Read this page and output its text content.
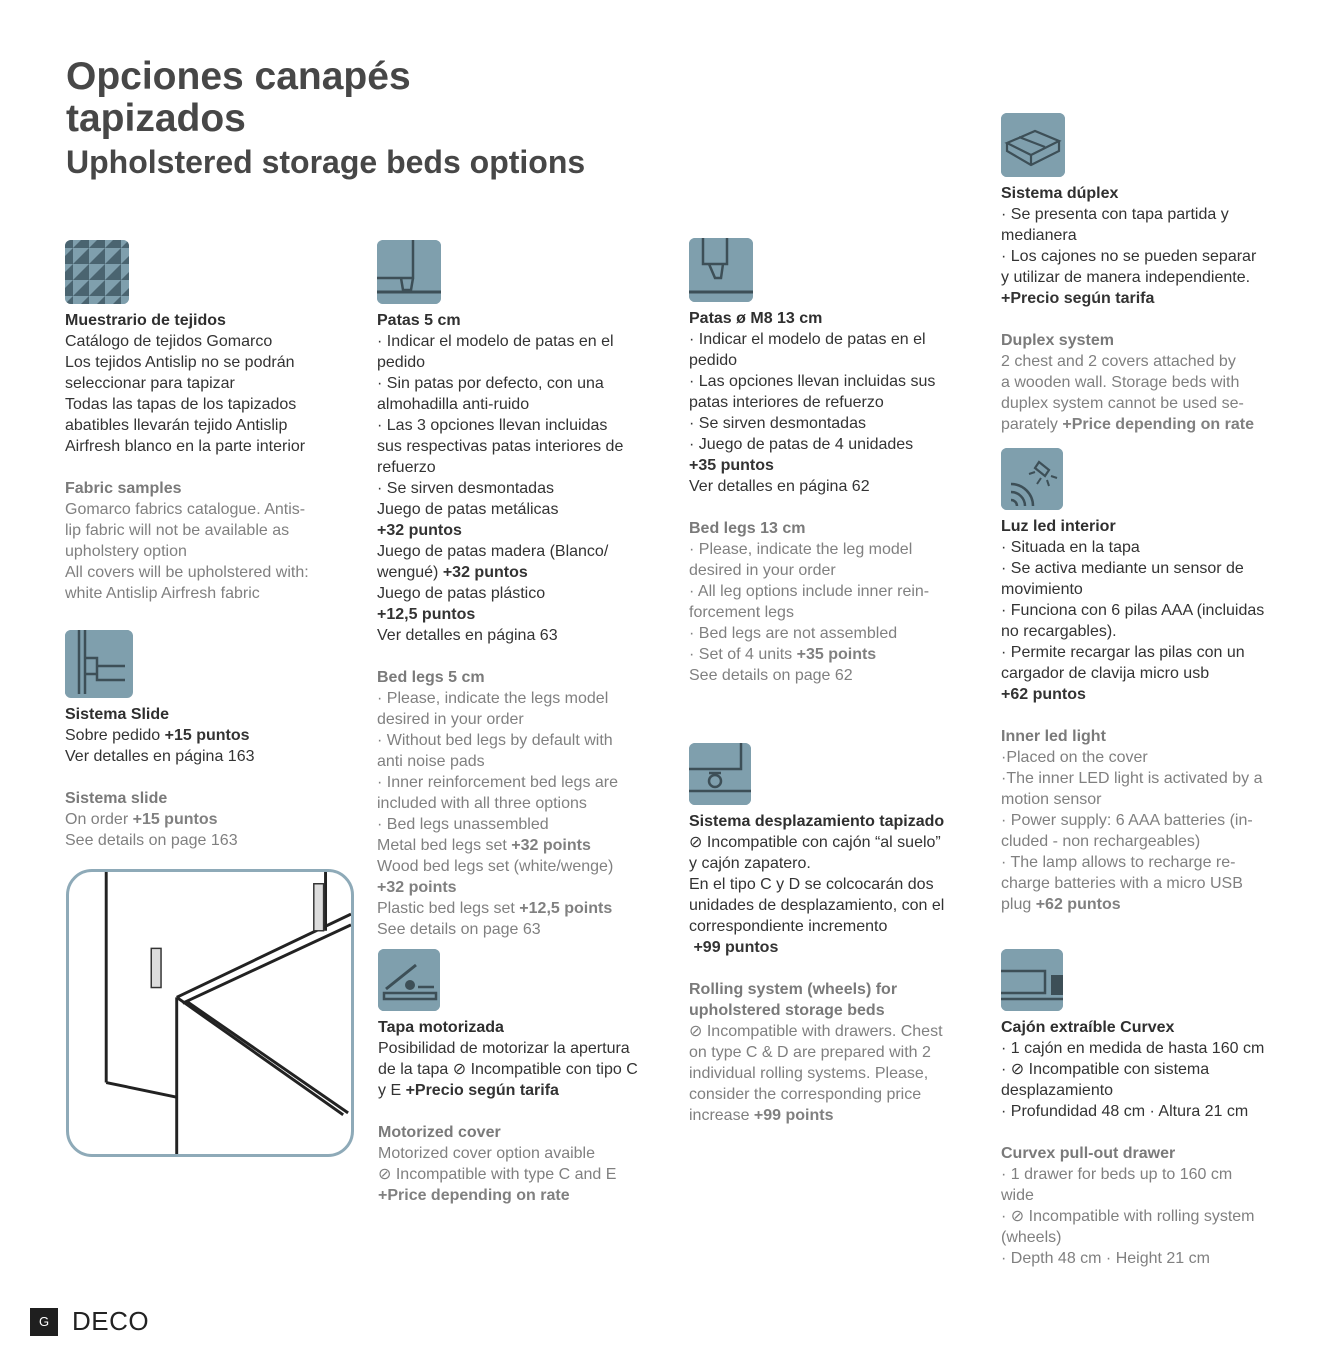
Opciones canapés tapizados
Upholstered storage beds options

Muestrario de tejidos

Catálogo de tejidos Gomarco

Los tejidos Antislip no se podrán

seleccionar para tapizar

Todas las tapas de los tapizados

abatibles llevarán tejido Antislip

Airfresh blanco en la parte interior

Fabric samples

Gomarco fabrics catalogue. Antis-

lip fabric will not be available as

upholstery option

All covers will be upholstered with:

white Antislip Airfresh fabric

Sistema Slide

Sobre pedido +15 puntos

Ver detalles en página 163

Sistema slide

On order +15 puntos

See details on page 163

Patas 5 cm

· Indicar el modelo de patas en el

pedido

· Sin patas por defecto, con una

almohadilla anti-ruido

· Las 3 opciones llevan incluidas

sus respectivas patas interiores de

refuerzo

· Se sirven desmontadas

Juego de patas metálicas

+32 puntos

Juego de patas madera (Blanco/

wengué) +32 puntos

Juego de patas plástico

+12,5 puntos

Ver detalles en página 63

Bed legs 5 cm

· Please, indicate the legs model

desired in your order

· Without bed legs by default with

anti noise pads

· Inner reinforcement bed legs are

included with all three options

· Bed legs unassembled

Metal bed legs set +32 points

Wood bed legs set (white/wenge)

+32 points

Plastic bed legs set +12,5 points

See details on page 63

Tapa motorizada

Posibilidad de motorizar la apertura

de la tapa ⊘ Incompatible con tipo C

y E +Precio según tarifa

Motorized cover

Motorized cover option avaible

⊘ Incompatible with type C and E

+Price depending on rate

Patas ø M8 13 cm

· Indicar el modelo de patas en el

pedido

· Las opciones llevan incluidas sus

patas interiores de refuerzo

· Se sirven desmontadas

· Juego de patas de 4 unidades

+35 puntos

Ver detalles en página 62

Bed legs 13 cm

· Please, indicate the leg model

desired in your order

· All leg options include inner rein-

forcement legs

· Bed legs are not assembled

· Set of 4 units +35 points

See details on page 62

Sistema desplazamiento tapizado

⊘ Incompatible con cajón “al suelo”

y cajón zapatero.

En el tipo C y D se colcocarán dos

unidades de desplazamiento, con el

correspondiente incremento

+99 puntos

Rolling system (wheels) for

upholstered storage beds

⊘ Incompatible with drawers. Chest

on type C & D are prepared with 2

individual rolling systems. Please,

consider the corresponding price

increase +99 points

Sistema dúplex

· Se presenta con tapa partida y

medianera

· Los cajones no se pueden separar

y utilizar de manera independiente.

+Precio según tarifa

Duplex system

2 chest and 2 covers attached by

a wooden wall. Storage beds with

duplex system cannot be used se-

parately +Price depending on rate

Luz led interior

· Situada en la tapa

· Se activa mediante un sensor de

movimiento

· Funciona con 6 pilas AAA (incluidas

no recargables).

· Permite recargar las pilas con un

cargador de clavija micro usb

+62 puntos

Inner led light

·Placed on the cover

·The inner LED light is activated by a

motion sensor

· Power supply: 6 AAA batteries (in-

cluded - non rechargeables)

· The lamp allows to recharge re-

charge batteries with a micro USB

plug +62 puntos

Cajón extraíble Curvex

· 1 cajón en medida de hasta 160 cm

· ⊘ Incompatible con sistema

desplazamiento

· Profundidad 48 cm · Altura 21 cm

Curvex pull-out drawer

· 1 drawer for beds up to 160 cm

wide

· ⊘ Incompatible with rolling system

(wheels)

· Depth 48 cm · Height 21 cm

G DECO
